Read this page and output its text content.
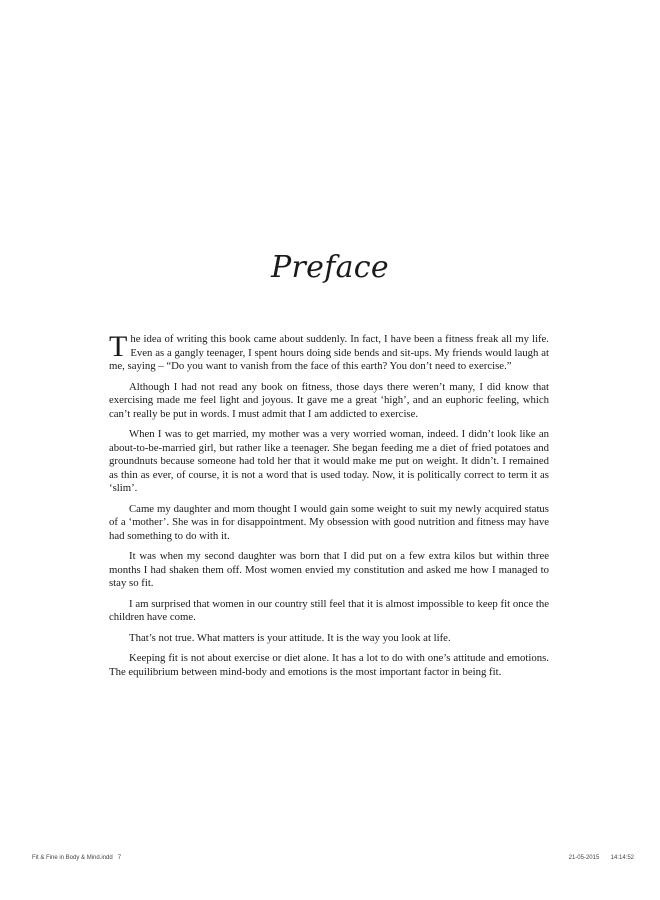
Preface

The idea of writing this book came about suddenly. In fact, I have been a fitness freak all my life. Even as a gangly teenager, I spent hours doing side bends and sit-ups. My friends would laugh at me, saying – “Do you want to vanish from the face of this earth? You don’t need to exercise.”

Although I had not read any book on fitness, those days there weren’t many, I did know that exercising made me feel light and joyous. It gave me a great ‘high’, and an euphoric feeling, which can’t really be put in words. I must admit that I am addicted to exercise.

When I was to get married, my mother was a very worried woman, indeed. I didn’t look like an about-to-be-married girl, but rather like a teenager. She began feeding me a diet of fried potatoes and groundnuts because someone had told her that it would make me put on weight. It didn’t. I remained as thin as ever, of course, it is not a word that is used today. Now, it is politically correct to term it as ‘slim’.

Came my daughter and mom thought I would gain some weight to suit my newly acquired status of a ‘mother’. She was in for disappointment. My obsession with good nutrition and fitness may have had something to do with it.

It was when my second daughter was born that I did put on a few extra kilos but within three months I had shaken them off. Most women envied my constitution and asked me how I managed to stay so fit.

I am surprised that women in our country still feel that it is almost impossible to keep fit once the children have come.

That’s not true. What matters is your attitude. It is the way you look at life.

Keeping fit is not about exercise or diet alone. It has a lot to do with one’s attitude and emotions. The equilibrium between mind-body and emotions is the most important factor in being fit.

Fit & Fine in Body & Mind.indd   7	21-05-2015  14:14:52
